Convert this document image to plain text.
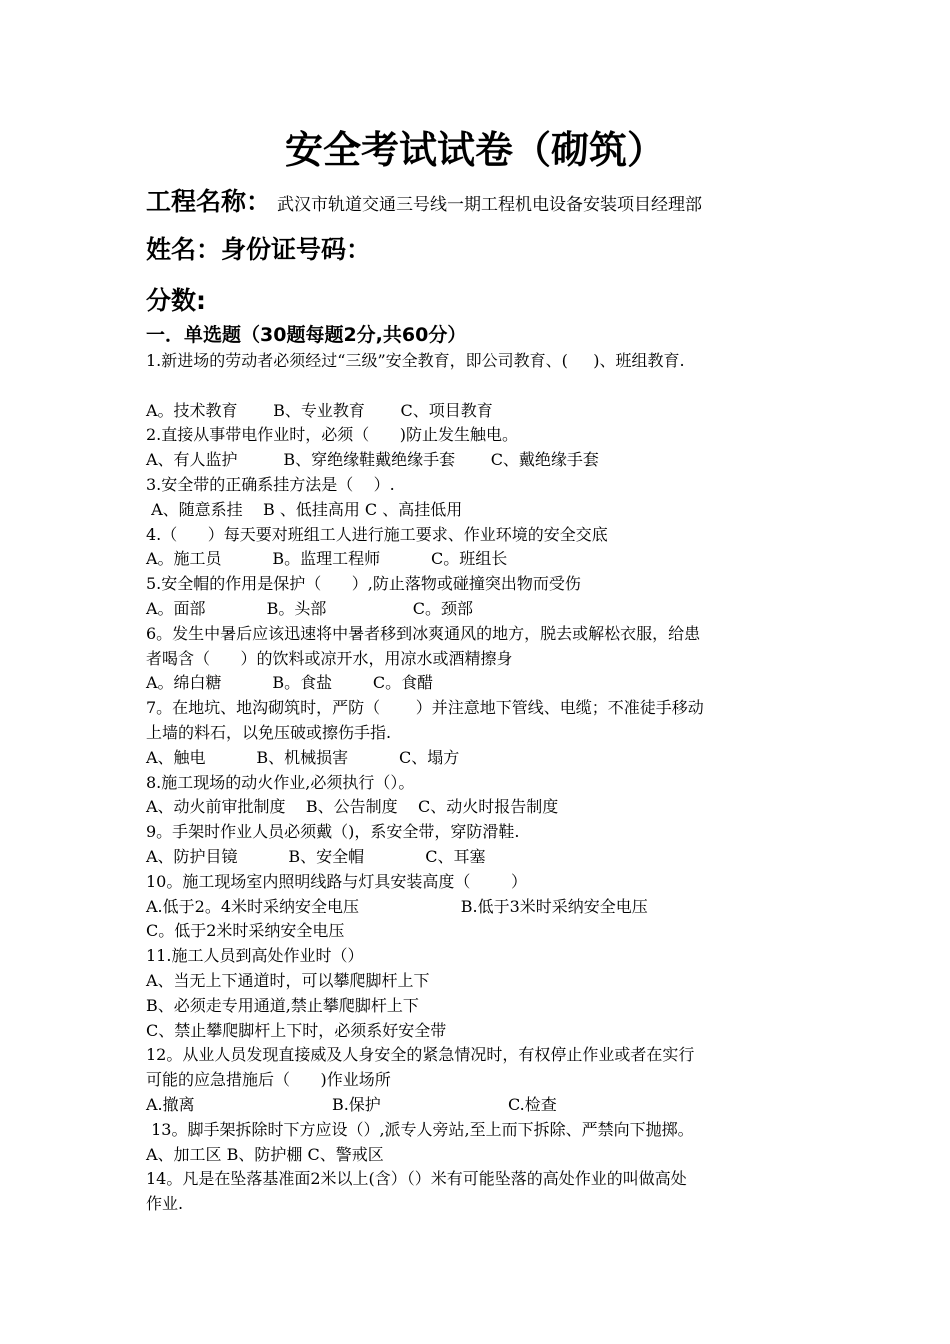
安全考试试卷（砌筑）
工程名称： 武汉市轨道交通三号线一期工程机电设备安装项目经理部
姓名：身份证号码：
分数:
一．单选题（30题每题2分,共60分）
1.新进场的劳动者必须经过“三级”安全教育，即公司教育、(     )、班组教育.
A。技术教育       B、专业教育       C、项目教育
2.直接从事带电作业时，必须（      )防止发生触电。
A、有人监护         B、穿绝缘鞋戴绝缘手套       C、戴绝缘手套
3.安全带的正确系挂方法是（    ）.
A、随意系挂    B 、低挂高用 C 、高挂低用
4.（      ）每天要对班组工人进行施工要求、作业环境的安全交底
A。施工员          B。监理工程师          C。班组长
5.安全帽的作用是保护（      ）,防止落物或碰撞突出物而受伤
A。面部            B。头部                 C。颈部
6。发生中暑后应该迅速将中暑者移到冰爽通风的地方，脱去或解松衣服，给患
者喝含（      ）的饮料或凉开水，用凉水或酒精擦身
A。绵白糖          B。食盐        C。食醋
7。在地坑、地沟砌筑时，严防（       ）并注意地下管线、电缆；不准徒手移动
上墙的料石，以免压破或擦伤手指.
A、触电          B、机械损害          C、塌方
8.施工现场的动火作业,必须执行（）。
A、动火前审批制度    B、公告制度    C、动火时报告制度
9。手架时作业人员必须戴（)，系安全带，穿防滑鞋.
A、防护目镜          B、安全帽            C、耳塞
10。施工现场室内照明线路与灯具安装高度（        ）
A.低于2。4米时采纳安全电压                    B.低于3米时采纳安全电压
C。低于2米时采纳安全电压
11.施工人员到高处作业时（）
A、当无上下通道时，可以攀爬脚杆上下
B、必须走专用通道,禁止攀爬脚杆上下
C、禁止攀爬脚杆上下时，必须系好安全带
12。从业人员发现直接威及人身安全的紧急情况时，有权停止作业或者在实行
可能的应急措施后（      )作业场所
A.撤离                           B.保护                         C.检查
13。脚手架拆除时下方应设（）,派专人旁站,至上而下拆除、严禁向下抛掷。
A、加工区 B、防护棚 C、警戒区
14。凡是在坠落基准面2米以上(含）（）米有可能坠落的高处作业的叫做高处
作业.
